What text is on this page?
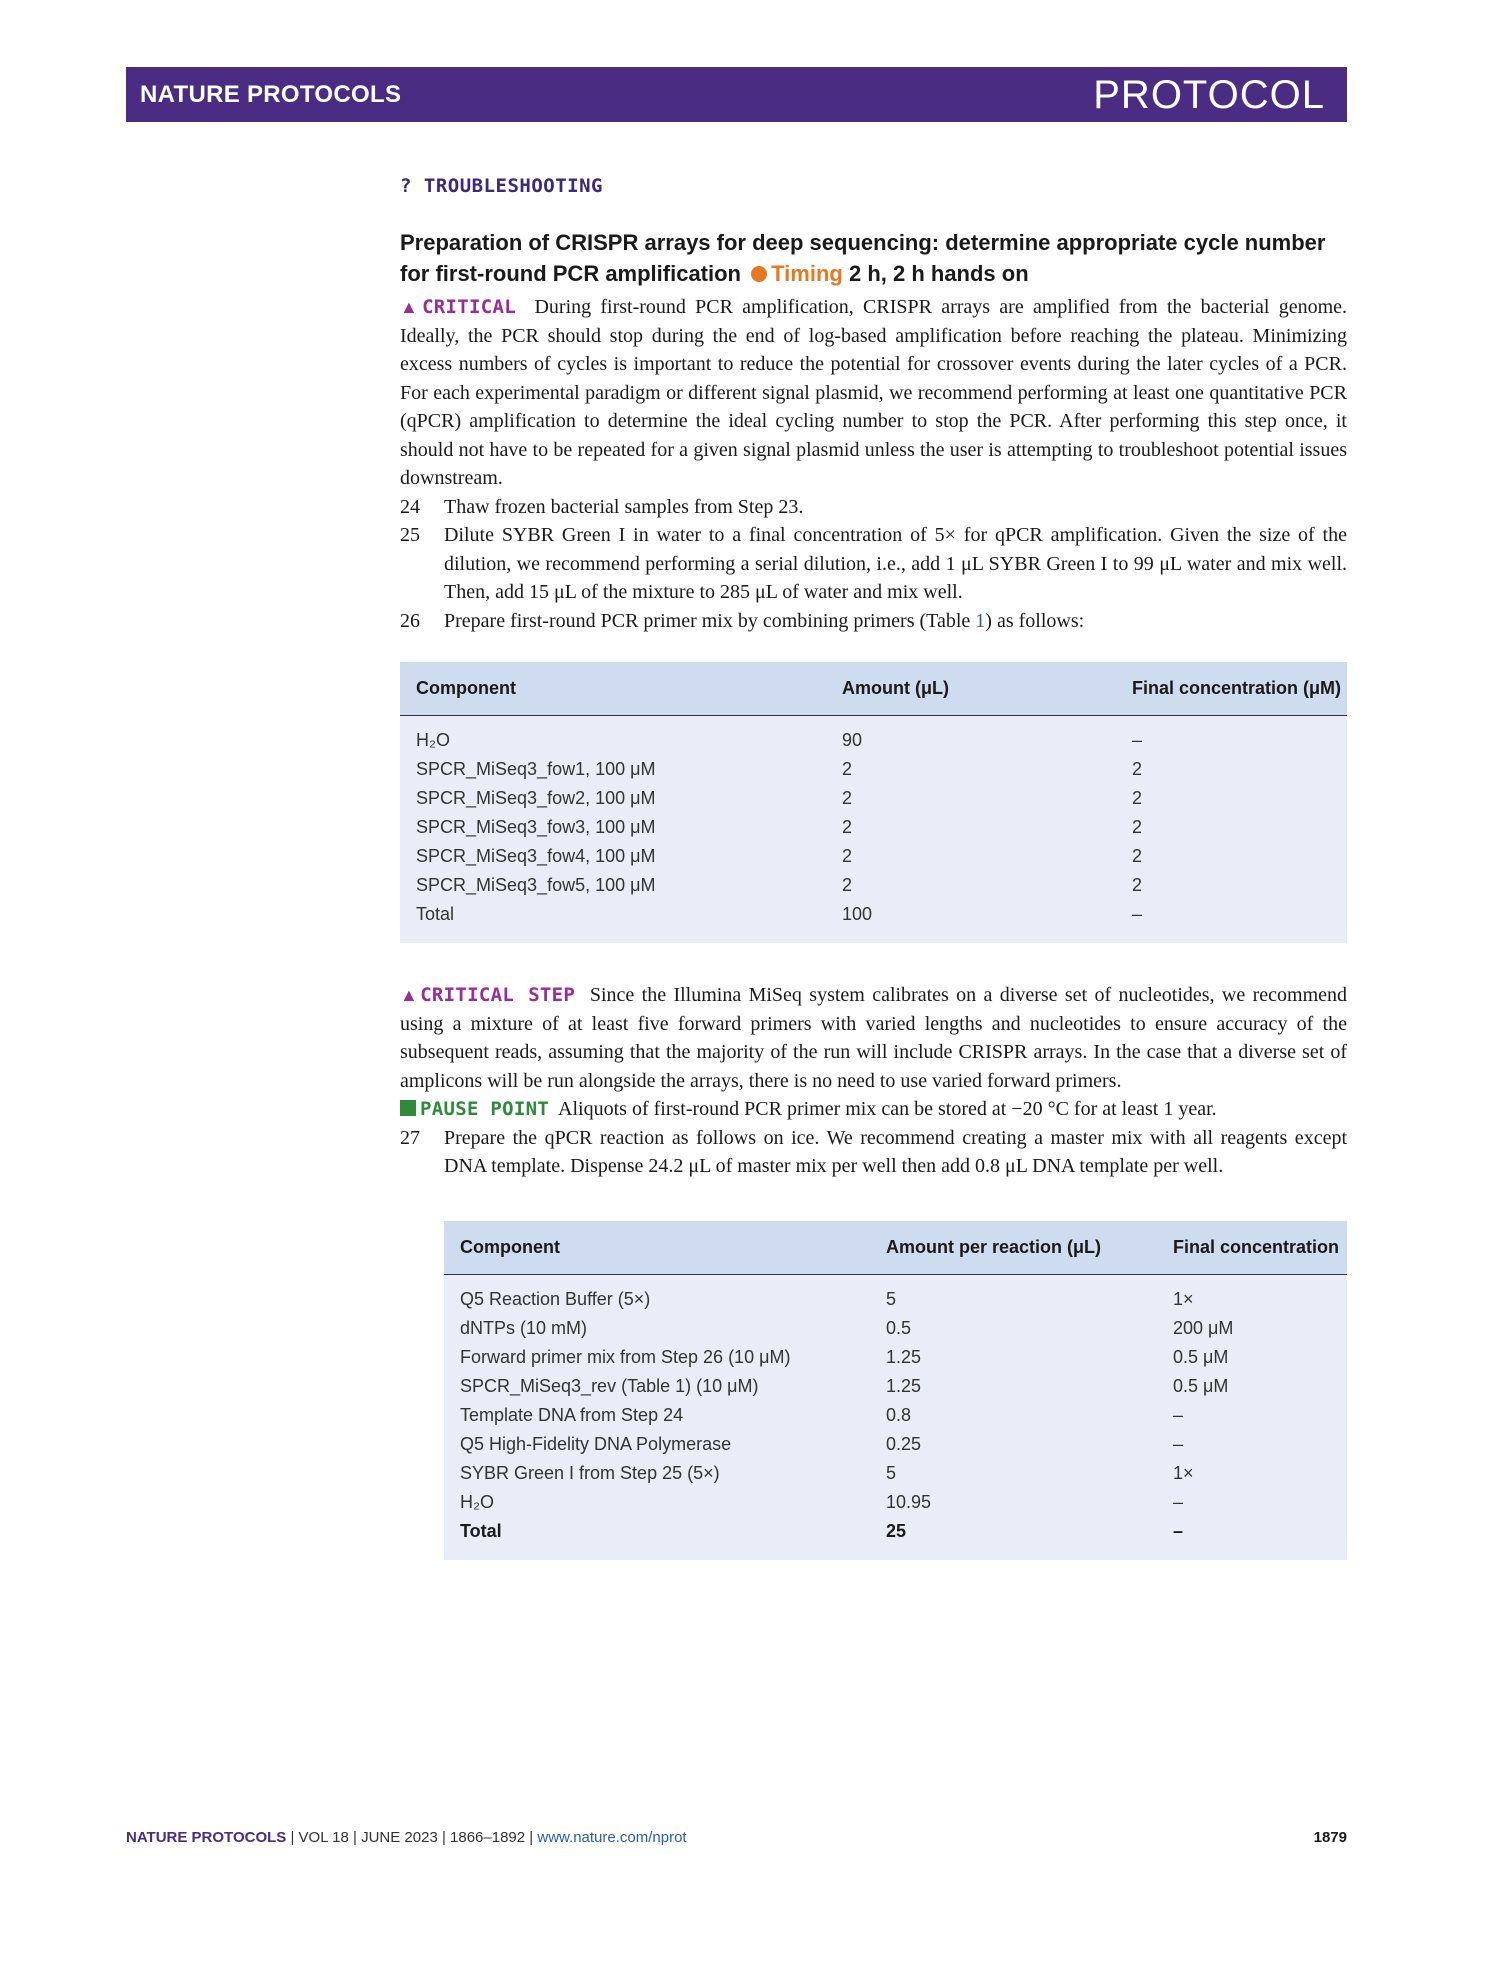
NATURE PROTOCOLS	PROTOCOL
? TROUBLESHOOTING
Preparation of CRISPR arrays for deep sequencing: determine appropriate cycle number for first-round PCR amplification Timing 2 h, 2 h hands on

▲CRITICAL During first-round PCR amplification, CRISPR arrays are amplified from the bacterial genome. Ideally, the PCR should stop during the end of log-based amplification before reaching the plateau. Minimizing excess numbers of cycles is important to reduce the potential for crossover events during the later cycles of a PCR. For each experimental paradigm or different signal plasmid, we recommend performing at least one quantitative PCR (qPCR) amplification to determine the ideal cycling number to stop the PCR. After performing this step once, it should not have to be repeated for a given signal plasmid unless the user is attempting to troubleshoot potential issues downstream.

24 Thaw frozen bacterial samples from Step 23.
25 Dilute SYBR Green I in water to a final concentration of 5× for qPCR amplification. Given the size of the dilution, we recommend performing a serial dilution, i.e., add 1 μL SYBR Green I to 99 μL water and mix well. Then, add 15 μL of the mixture to 285 μL of water and mix well.
26 Prepare first-round PCR primer mix by combining primers (Table 1) as follows:
Component	Amount (μL)	Final concentration (μM)
H₂O	90	–
SPCR_MiSeq3_fow1, 100 μM	2	2
SPCR_MiSeq3_fow2, 100 μM	2	2
SPCR_MiSeq3_fow3, 100 μM	2	2
SPCR_MiSeq3_fow4, 100 μM	2	2
SPCR_MiSeq3_fow5, 100 μM	2	2
Total	100	–

▲CRITICAL STEP Since the Illumina MiSeq system calibrates on a diverse set of nucleotides, we recommend using a mixture of at least five forward primers with varied lengths and nucleotides to ensure accuracy of the subsequent reads, assuming that the majority of the run will include CRISPR arrays. In the case that a diverse set of amplicons will be run alongside the arrays, there is no need to use varied forward primers.

PAUSE POINT Aliquots of first-round PCR primer mix can be stored at −20 °C for at least 1 year.

27 Prepare the qPCR reaction as follows on ice. We recommend creating a master mix with all reagents except DNA template. Dispense 24.2 μL of master mix per well then add 0.8 μL DNA template per well.
Component	Amount per reaction (μL)	Final concentration
Q5 Reaction Buffer (5×)	5	1×
dNTPs (10 mM)	0.5	200 μM
Forward primer mix from Step 26 (10 μM)	1.25	0.5 μM
SPCR_MiSeq3_rev (Table 1) (10 μM)	1.25	0.5 μM
Template DNA from Step 24	0.8	–
Q5 High-Fidelity DNA Polymerase	0.25	–
SYBR Green I from Step 25 (5×)	5	1×
H₂O	10.95	–
Total	25	–
NATURE PROTOCOLS | VOL 18 | JUNE 2023 | 1866–1892 | www.nature.com/nprot	1879
